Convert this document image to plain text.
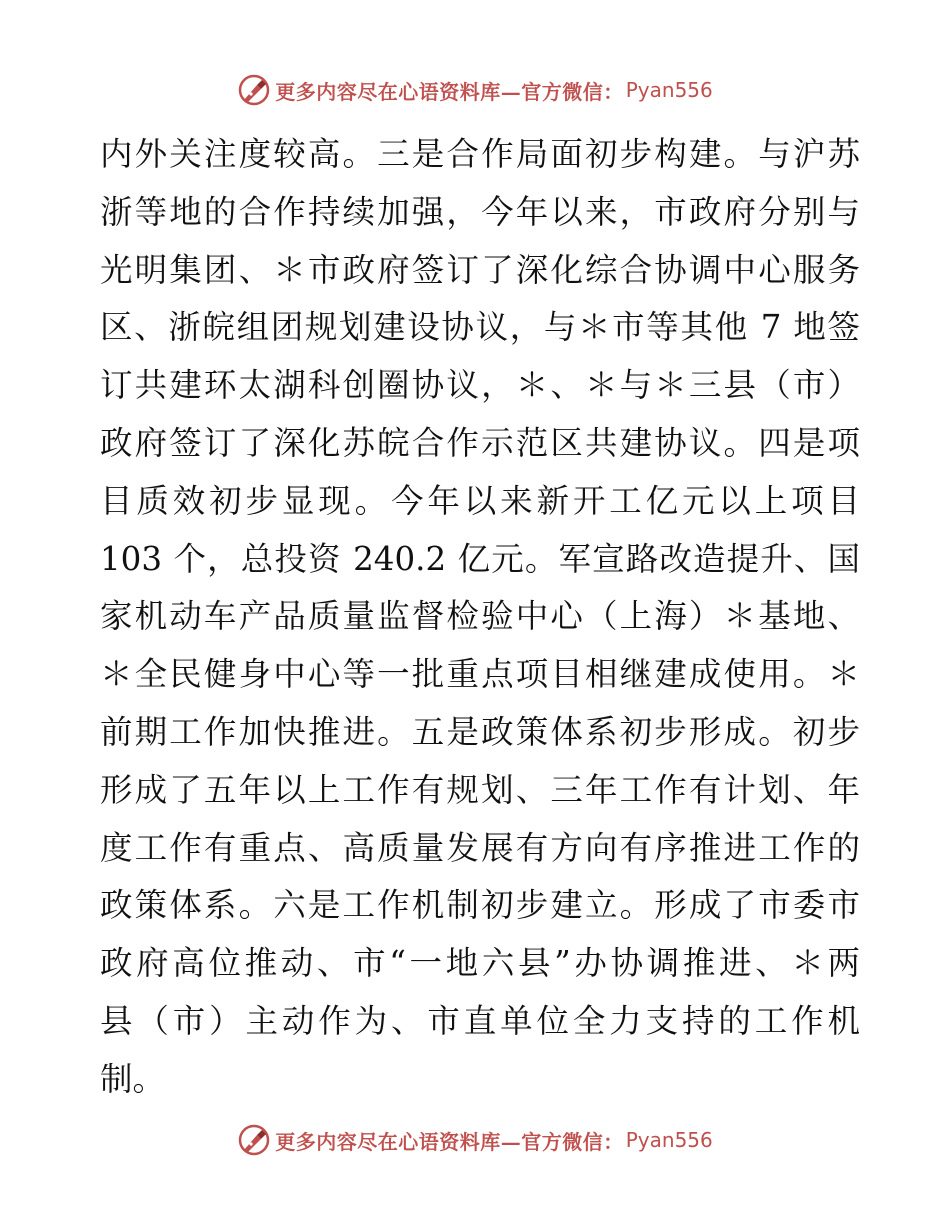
更多内容尽在心语资料库—官方微信： Pyan556
内外关注度较高。三是合作局面初步构建。与沪苏
浙等地的合作持续加强，今年以来，市政府分别与
光明集团、＊市政府签订了深化综合协调中心服务
区、浙皖组团规划建设协议，与＊市等其他 7 地签
订共建环太湖科创圈协议，＊、＊与＊三县（市）
政府签订了深化苏皖合作示范区共建协议。四是项
目质效初步显现。今年以来新开工亿元以上项目
103 个，总投资 240.2 亿元。军宣路改造提升、国
家机动车产品质量监督检验中心（上海）＊基地、
＊全民健身中心等一批重点项目相继建成使用。＊
前期工作加快推进。五是政策体系初步形成。初步
形成了五年以上工作有规划、三年工作有计划、年
度工作有重点、高质量发展有方向有序推进工作的
政策体系。六是工作机制初步建立。形成了市委市
政府高位推动、市“一地六县”办协调推进、＊两
县（市）主动作为、市直单位全力支持的工作机
制。
更多内容尽在心语资料库—官方微信： Pyan556
